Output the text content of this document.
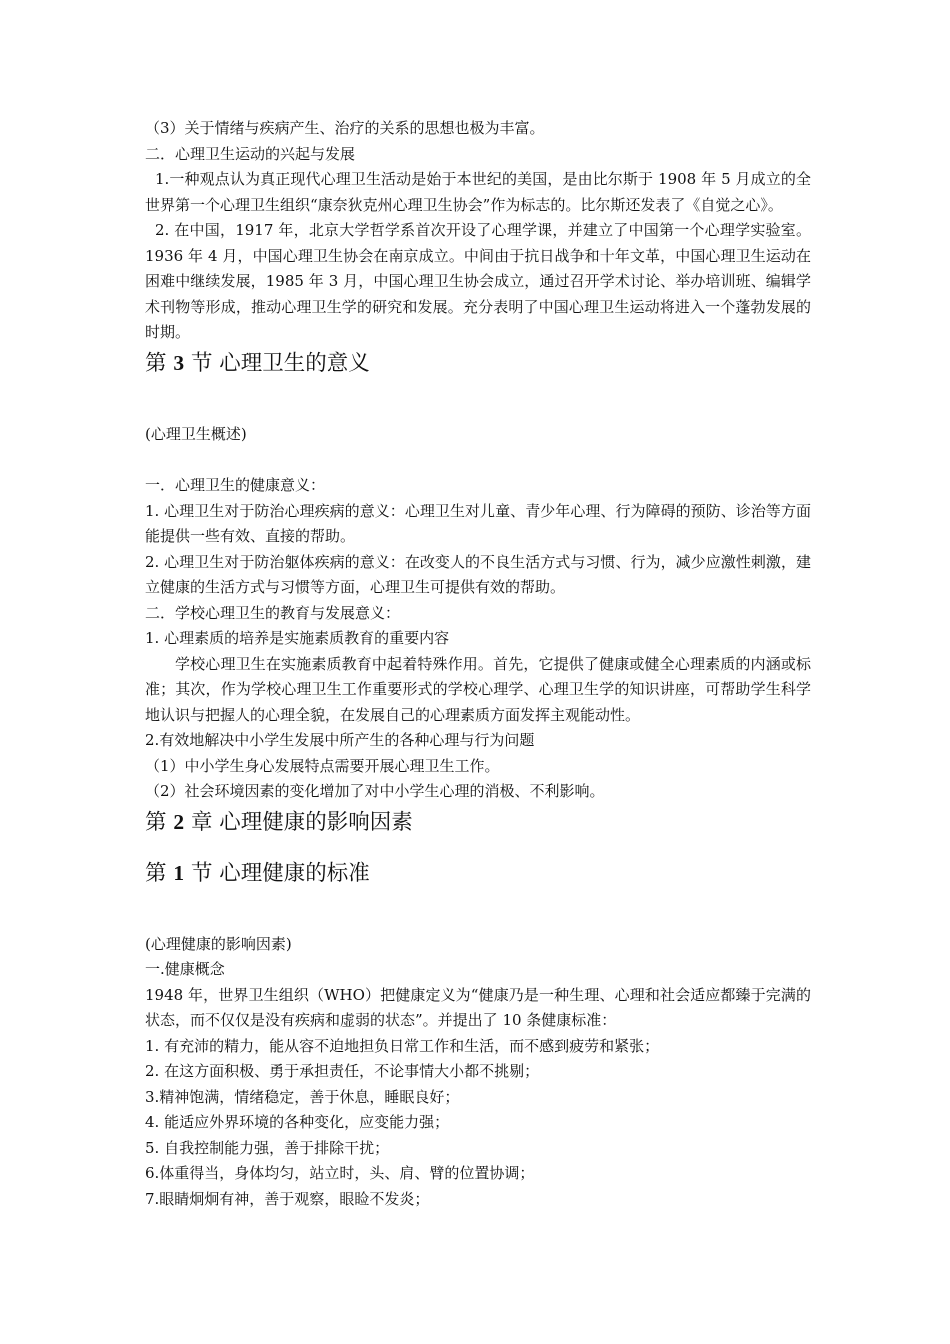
（3）关于情绪与疾病产生、治疗的关系的思想也极为丰富。

二．心理卫生运动的兴起与发展

1.一种观点认为真正现代心理卫生活动是始于本世纪的美国，是由比尔斯于 1908 年 5 月成立的全世界第一个心理卫生组织“康奈狄克州心理卫生协会”作为标志的。比尔斯还发表了《自觉之心》。

2. 在中国，1917 年，北京大学哲学系首次开设了心理学课，并建立了中国第一个心理学实验室。1936 年 4 月，中国心理卫生协会在南京成立。中间由于抗日战争和十年文革，中国心理卫生运动在困难中继续发展，1985 年 3 月，中国心理卫生协会成立，通过召开学术讨论、举办培训班、编辑学术刊物等形成，推动心理卫生学的研究和发展。充分表明了中国心理卫生运动将进入一个蓬勃发展的时期。

第 3 节 心理卫生的意义

(心理卫生概述)

一．心理卫生的健康意义：

1. 心理卫生对于防治心理疾病的意义：心理卫生对儿童、青少年心理、行为障碍的预防、诊治等方面能提供一些有效、直接的帮助。

2. 心理卫生对于防治躯体疾病的意义：在改变人的不良生活方式与习惯、行为，减少应激性刺激，建立健康的生活方式与习惯等方面，心理卫生可提供有效的帮助。

二．学校心理卫生的教育与发展意义：

1. 心理素质的培养是实施素质教育的重要内容

学校心理卫生在实施素质教育中起着特殊作用。首先，它提供了健康或健全心理素质的内涵或标准；其次，作为学校心理卫生工作重要形式的学校心理学、心理卫生学的知识讲座，可帮助学生科学地认识与把握人的心理全貌，在发展自己的心理素质方面发挥主观能动性。

2.有效地解决中小学生发展中所产生的各种心理与行为问题

（1）中小学生身心发展特点需要开展心理卫生工作。

（2）社会环境因素的变化增加了对中小学生心理的消极、不利影响。

第 2 章 心理健康的影响因素
第 1 节 心理健康的标准

(心理健康的影响因素)

一.健康概念

1948 年，世界卫生组织（WHO）把健康定义为“健康乃是一种生理、心理和社会适应都臻于完满的状态，而不仅仅是没有疾病和虚弱的状态”。并提出了 10 条健康标准：

1. 有充沛的精力，能从容不迫地担负日常工作和生活，而不感到疲劳和紧张；

2. 在这方面积极、勇于承担责任，不论事情大小都不挑剔；

3.精神饱满，情绪稳定，善于休息，睡眠良好；

4. 能适应外界环境的各种变化，应变能力强；

5. 自我控制能力强，善于排除干扰；

6.体重得当，身体均匀，站立时，头、肩、臂的位置协调；

7.眼睛炯炯有神，善于观察，眼睑不发炎；
